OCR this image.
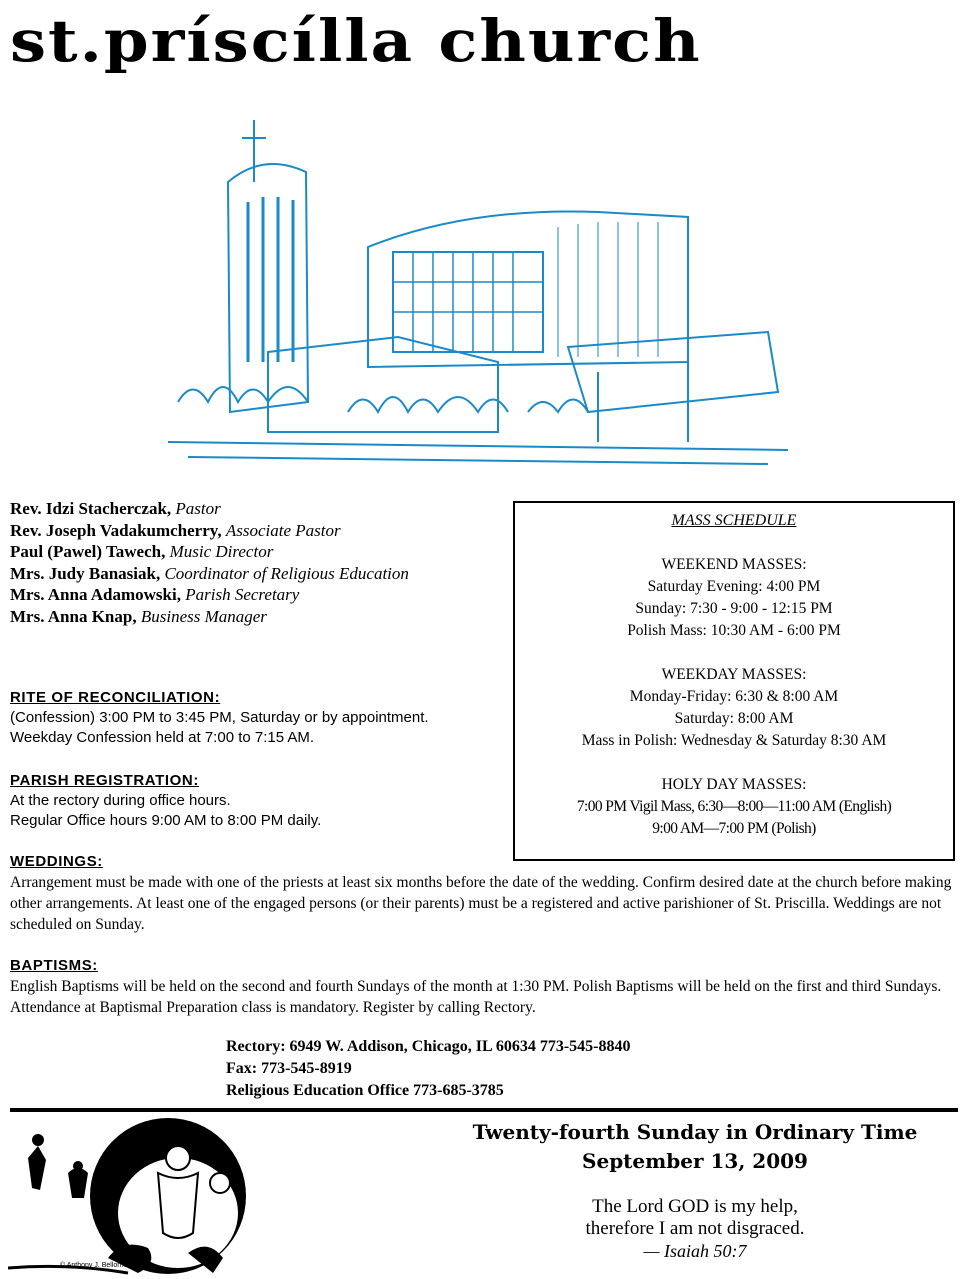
st.príscílla church
Rev. Idzi Stacherczak, Pastor
Rev. Joseph Vadakumcherry, Associate Pastor
Paul (Pawel) Tawech, Music Director
Mrs. Judy Banasiak, Coordinator of Religious Education
Mrs. Anna Adamowski, Parish Secretary
Mrs. Anna Knap, Business Manager
RITE OF RECONCILIATION:
(Confession) 3:00 PM to 3:45 PM, Saturday or by appointment.
Weekday Confession held at 7:00 to 7:15 AM.
PARISH REGISTRATION:
At the rectory during office hours.
Regular Office hours 9:00 AM to 8:00 PM daily.
MASS SCHEDULE
WEEKEND MASSES:
Saturday Evening: 4:00 PM
Sunday: 7:30 - 9:00 - 12:15 PM
Polish Mass: 10:30 AM - 6:00 PM
WEEKDAY MASSES:
Monday-Friday: 6:30 & 8:00 AM
Saturday: 8:00 AM
Mass in Polish: Wednesday & Saturday 8:30 AM
HOLY DAY MASSES:
7:00 PM Vigil Mass, 6:30—8:00—11:00 AM (English)
9:00 AM—7:00 PM (Polish)
WEDDINGS:
Arrangement must be made with one of the priests at least six months before the date of the wedding. Confirm desired date at the church before making other arrangements. At least one of the engaged persons (or their parents) must be a registered and active parishioner of St. Priscilla. Weddings are not scheduled on Sunday.
BAPTISMS:
English Baptisms will be held on the second and fourth Sundays of the month at 1:30 PM. Polish Baptisms will be held on the first and third Sundays. Attendance at Baptismal Preparation class is mandatory. Register by calling Rectory.
Rectory: 6949 W. Addison, Chicago, IL 60634 773-545-8840
Fax: 773-545-8919
Religious Education Office 773-685-3785
© Anthony J. Bellorno
Twenty-fourth Sunday in Ordinary Time
September 13, 2009
The Lord GOD is my help,
therefore I am not disgraced.
— Isaiah 50:7
